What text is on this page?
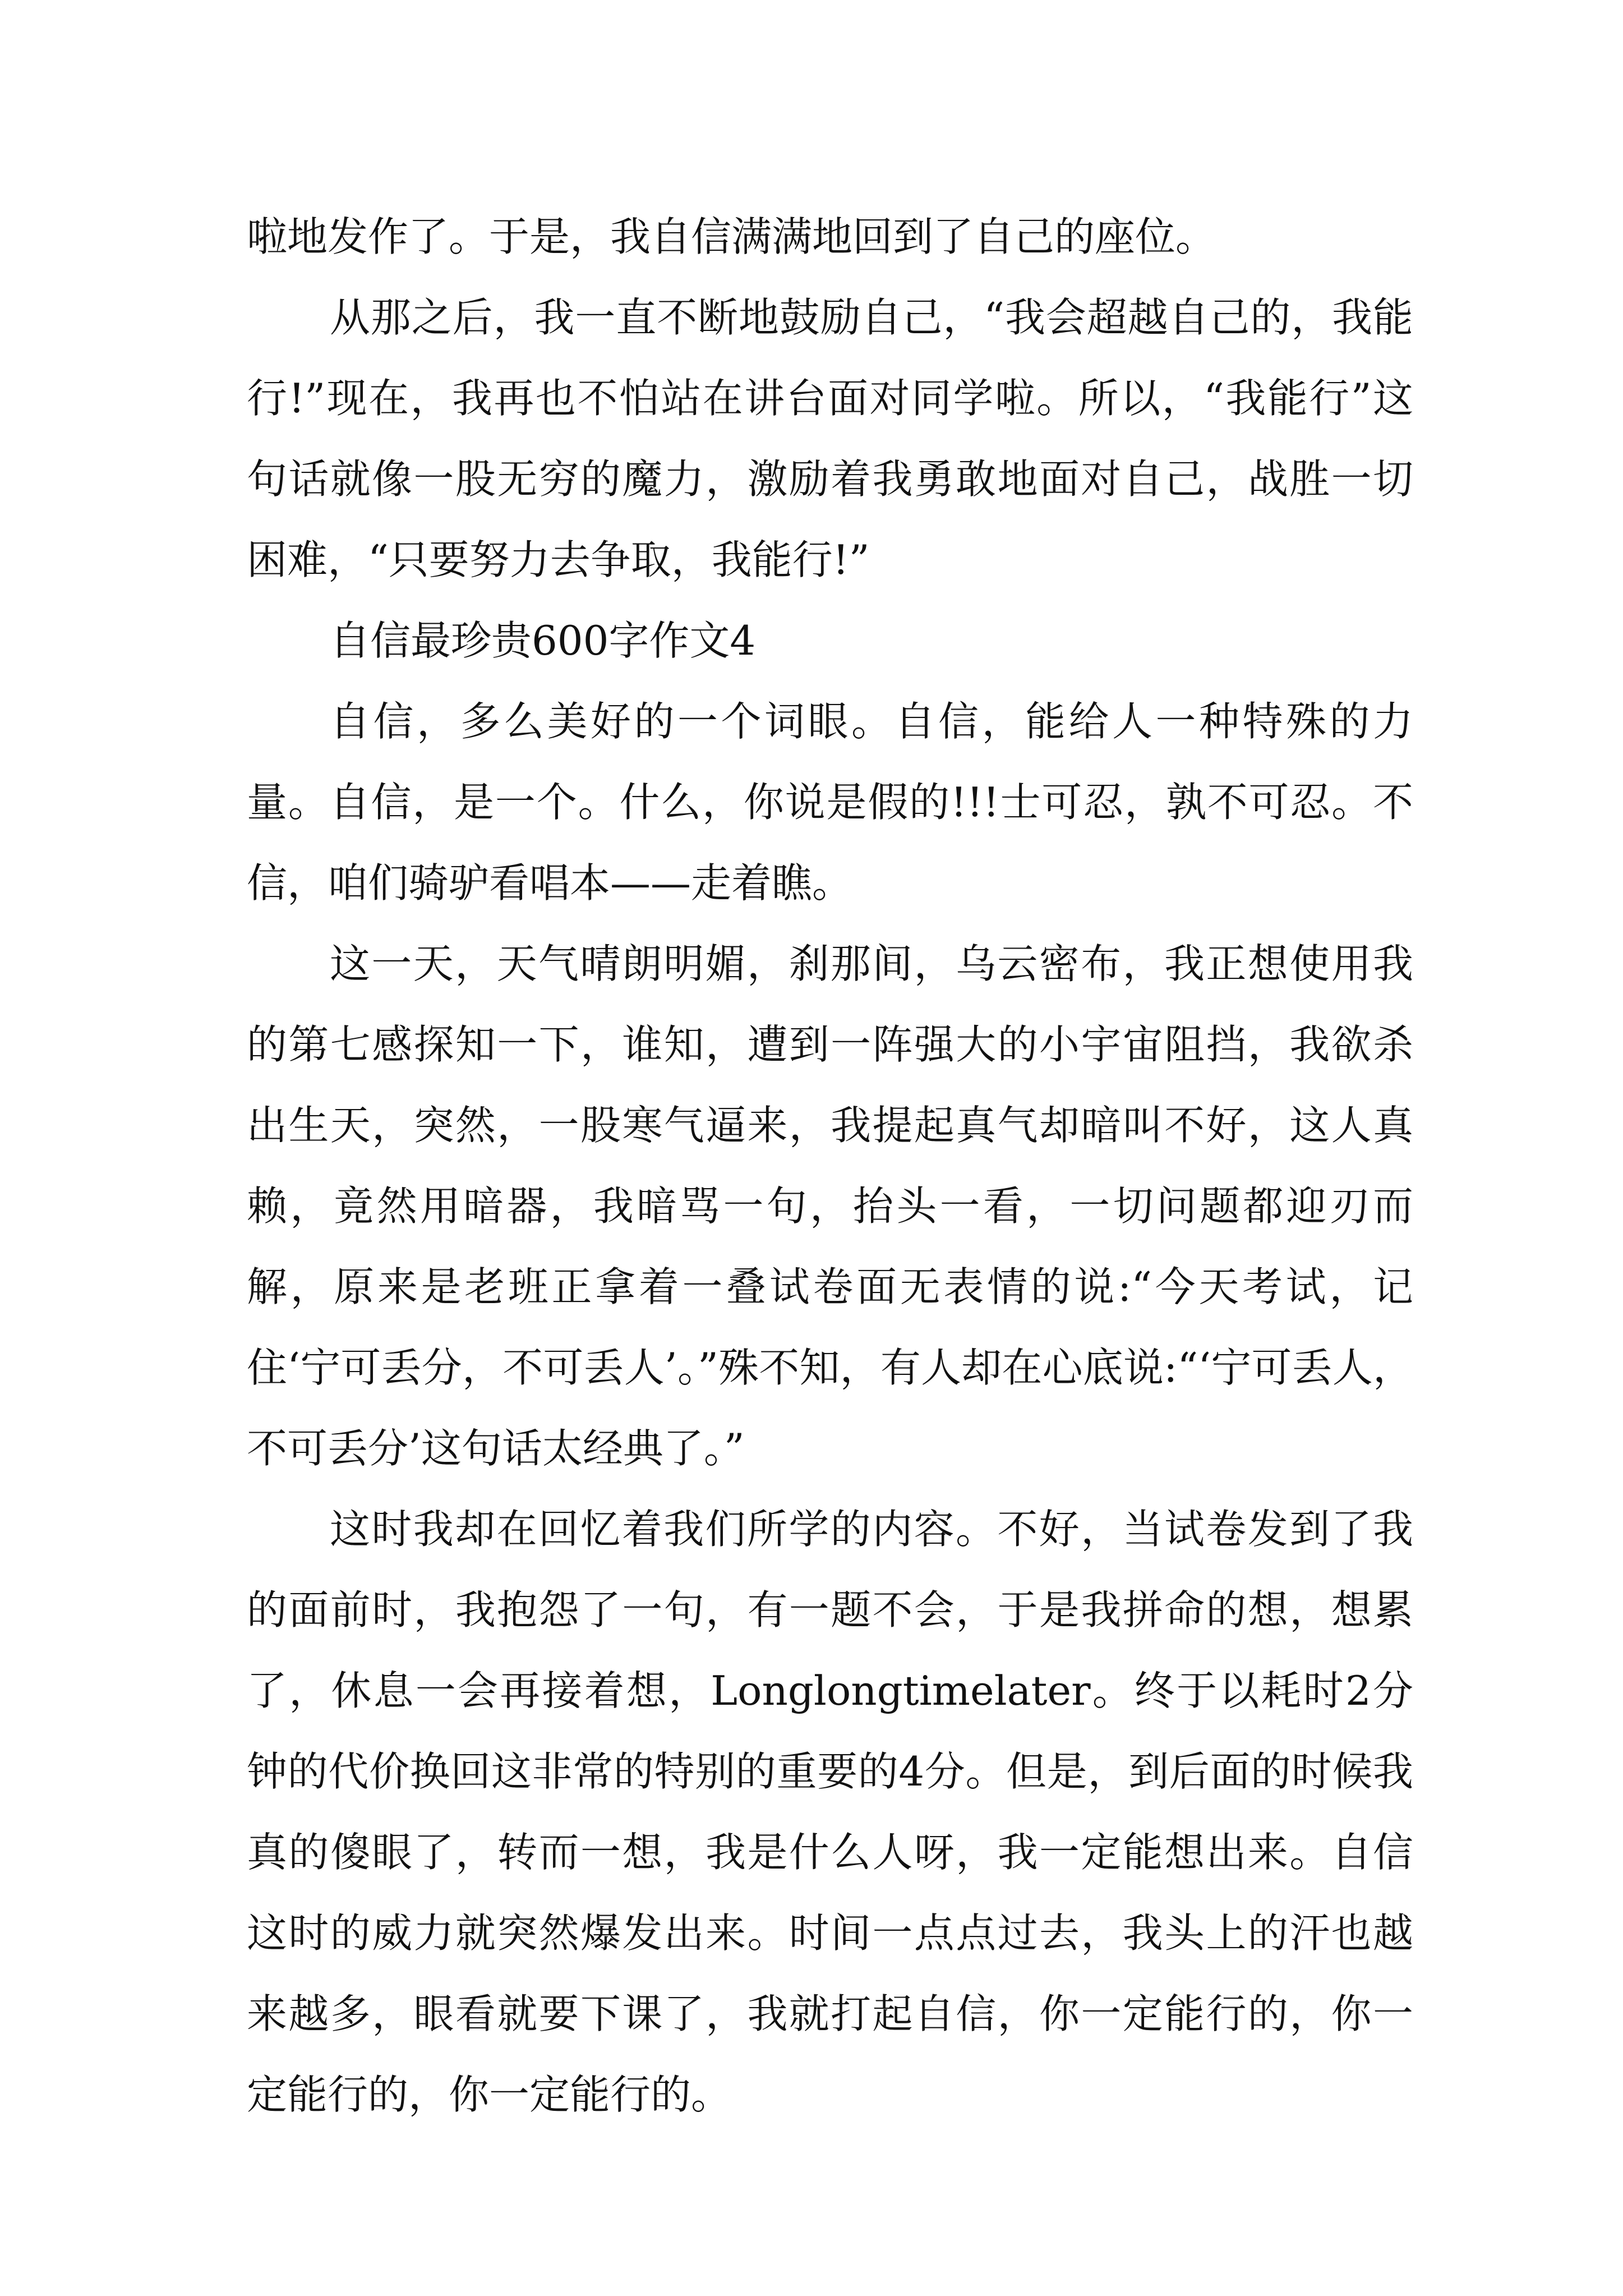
啦地发作了。于是，我自信满满地回到了自己的座位。

从那之后，我一直不断地鼓励自己，“我会超越自己的，我能行!”现在，我再也不怕站在讲台面对同学啦。所以，“我能行”这句话就像一股无穷的魔力，激励着我勇敢地面对自己，战胜一切困难，“只要努力去争取，我能行!”

自信最珍贵600字作文4

自信，多么美好的一个词眼。自信，能给人一种特殊的力量。自信，是一个。什么，你说是假的!!!士可忍，孰不可忍。不信，咱们骑驴看唱本——走着瞧。

这一天，天气晴朗明媚，刹那间，乌云密布，我正想使用我的第七感探知一下，谁知，遭到一阵强大的小宇宙阻挡，我欲杀出生天，突然，一股寒气逼来，我提起真气却暗叫不好，这人真赖，竟然用暗器，我暗骂一句，抬头一看，一切问题都迎刃而解，原来是老班正拿着一叠试卷面无表情的说:“今天考试，记住‘宁可丢分，不可丢人’。”殊不知，有人却在心底说:“‘宁可丢人，不可丢分’这句话太经典了。”

这时我却在回忆着我们所学的内容。不好，当试卷发到了我的面前时，我抱怨了一句，有一题不会，于是我拼命的想，想累了，休息一会再接着想，Longlongtimelater。终于以耗时2分钟的代价换回这非常的特别的重要的4分。但是，到后面的时候我真的傻眼了，转而一想，我是什么人呀，我一定能想出来。自信这时的威力就突然爆发出来。时间一点点过去，我头上的汗也越来越多，眼看就要下课了，我就打起自信，你一定能行的，你一定能行的，你一定能行的。
